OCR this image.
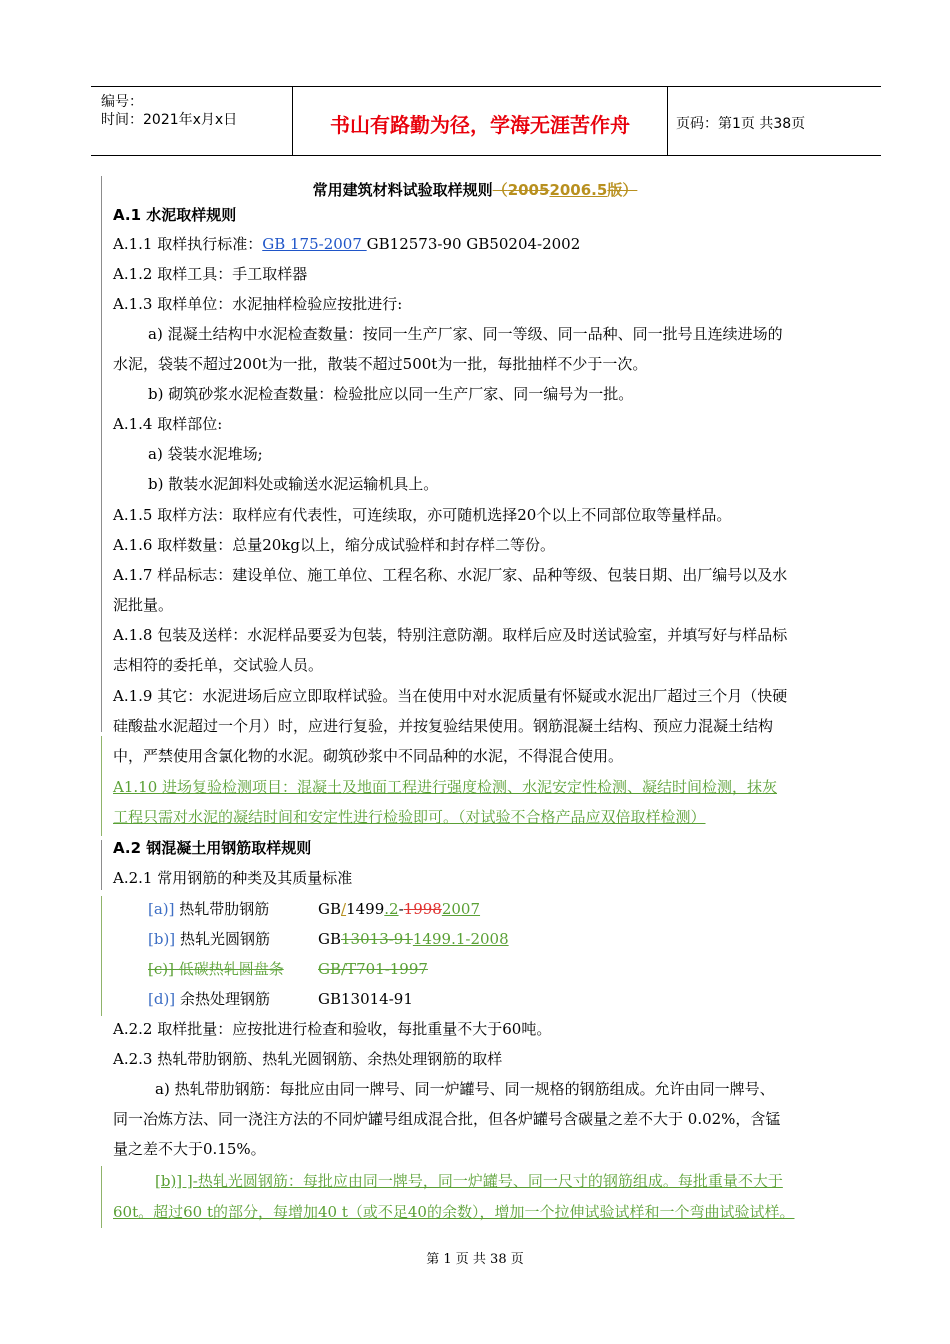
编号：
时间：2021年x月x日	书山有路勤为径，学海无涯苦作舟	页码：第1页 共38页
常用建筑材料试验取样规则（20052006.5版）
A.1 水泥取样规则
A.1.1 取样执行标准：GB 175-2007 GB12573-90 GB50204-2002
A.1.2 取样工具：手工取样器
A.1.3 取样单位：水泥抽样检验应按批进行:
a) 混凝土结构中水泥检查数量：按同一生产厂家、同一等级、同一品种、同一批号且连续进场的
水泥，袋装不超过200t为一批，散装不超过500t为一批，每批抽样不少于一次。
b) 砌筑砂浆水泥检查数量：检验批应以同一生产厂家、同一编号为一批。
A.1.4 取样部位:
a) 袋装水泥堆场;
b) 散装水泥卸料处或输送水泥运输机具上。
A.1.5 取样方法：取样应有代表性，可连续取，亦可随机选择20个以上不同部位取等量样品。
A.1.6 取样数量：总量20kg以上，缩分成试验样和封存样二等份。
A.1.7 样品标志：建设单位、施工单位、工程名称、水泥厂家、品种等级、包装日期、出厂编号以及水
泥批量。
A.1.8 包装及送样：水泥样品要妥为包装，特别注意防潮。取样后应及时送试验室，并填写好与样品标
志相符的委托单，交试验人员。
A.1.9 其它：水泥进场后应立即取样试验。当在使用中对水泥质量有怀疑或水泥出厂超过三个月（快硬
硅酸盐水泥超过一个月）时，应进行复验，并按复验结果使用。钢筋混凝土结构、预应力混凝土结构
中，严禁使用含氯化物的水泥。砌筑砂浆中不同品种的水泥，不得混合使用。
A1.10 进场复验检测项目：混凝土及地面工程进行强度检测、水泥安定性检测、凝结时间检测，抹灰
工程只需对水泥的凝结时间和安定性进行检验即可。（对试验不合格产品应双倍取样检测）
A.2 钢混凝土用钢筋取样规则
A.2.1 常用钢筋的种类及其质量标准
[a)] 热轧带肋钢筋	GB/1499.2-19982007
[b)] 热轧光圆钢筋	GB13013-911499.1-2008
[c)] 低碳热轧圆盘条 GB/T701-1997
[d)] 余热处理钢筋	GB13014-91
A.2.2 取样批量：应按批进行检查和验收，每批重量不大于60吨。
A.2.3 热轧带肋钢筋、热轧光圆钢筋、余热处理钢筋的取样
a) 热轧带肋钢筋：每批应由同一牌号、同一炉罐号、同一规格的钢筋组成。允许由同一牌号、
同一冶炼方法、同一浇注方法的不同炉罐号组成混合批，但各炉罐号含碳量之差不大于 0.02%，含锰
量之差不大于0.15%。
[b)] ]-热轧光圆钢筋：每批应由同一牌号，同一炉罐号、同一尺寸的钢筋组成。每批重量不大于
60t。超过60 t的部分，每增加40 t（或不足40的余数），增加一个拉伸试验试样和一个弯曲试验试样。
第 1 页 共 38 页
